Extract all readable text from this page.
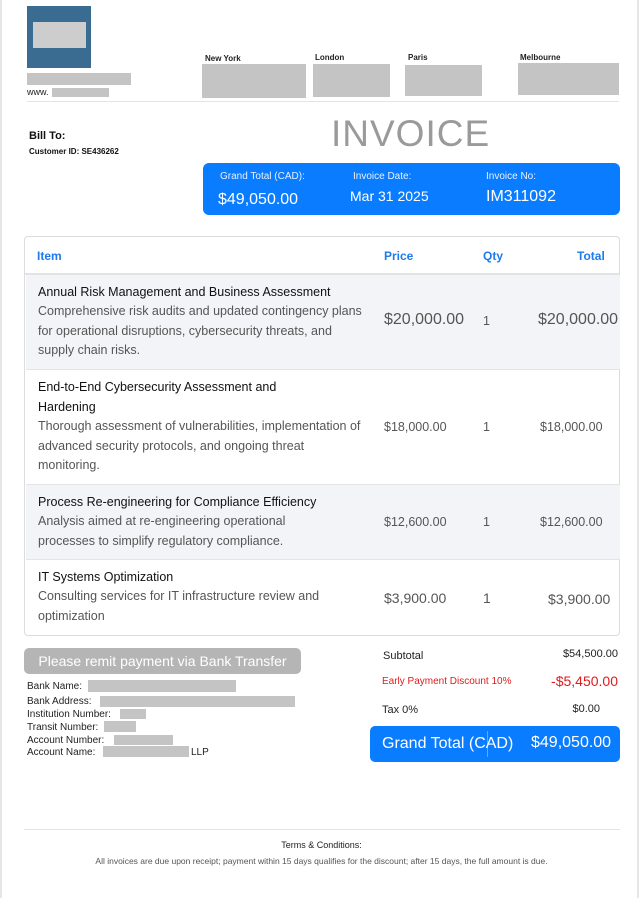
www.
New York	London	Paris	Melbourne
Bill To:
Customer ID: SE436262	INVOICE
Grand Total (CAD):
$49,050.00
Invoice Date:
Mar 31 2025
Invoice No:
IM311092
Item	Price	Qty	Total
Annual Risk Management and Business Assessment
Comprehensive risk audits and updated contingency plans for operational disruptions, cybersecurity threats, and supply chain risks.
$20,000.00 1	$20,000.00
End-to-End Cybersecurity Assessment and Hardening
Thorough assessment of vulnerabilities, implementation of advanced security protocols, and ongoing threat monitoring.
$18,000.00	1	$18,000.00
Process Re-engineering for Compliance Efficiency
Analysis aimed at re-engineering operational processes to simplify regulatory compliance.
$12,600.00	1	$12,600.00
IT Systems Optimization
Consulting services for IT infrastructure review and optimization
$3,900.00	1	$3,900.00
Please remit payment via Bank Transfer
Bank Name:
Bank Address:
Institution Number:
Transit Number:
Account Number:
Account Name:	LLP
Subtotal	$54,500.00
Early Payment Discount 10%	-$5,450.00
Tax 0%	$0.00
Grand Total (CAD) $49,050.00
Terms & Conditions:
All invoices are due upon receipt; payment within 15 days qualifies for the discount; after 15 days, the full amount is due.
